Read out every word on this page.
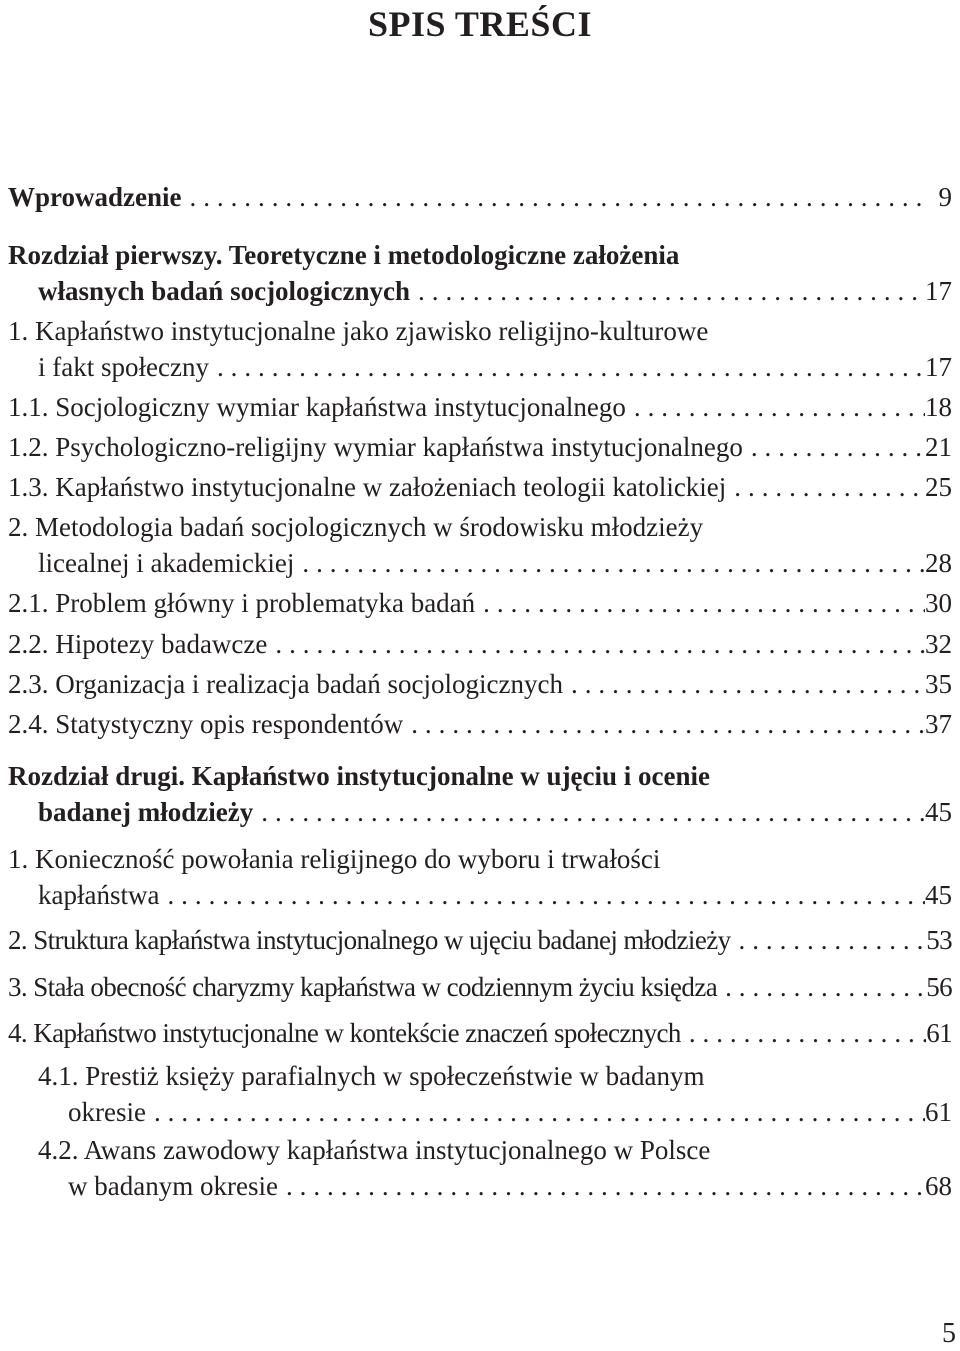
SPIS TREŚCI
Wprowadzenie . . .	9
Rozdział pierwszy. Teoretyczne i metodologiczne założenia
własnych badań socjologicznych . . .	17
1. Kapłaństwo instytucjonalne jako zjawisko religijno-kulturowe
i fakt społeczny . . .	17
1.1. Socjologiczny wymiar kapłaństwa instytucjonalnego . . .	18
1.2. Psychologiczno-religijny wymiar kapłaństwa instytucjonalnego . . .	21
1.3. Kapłaństwo instytucjonalne w założeniach teologii katolickiej . . .	25
2. Metodologia badań socjologicznych w środowisku młodzieży
licealnej i akademickiej . . .	28
2.1. Problem główny i problematyka badań . . .	30
2.2. Hipotezy badawcze . . .	32
2.3. Organizacja i realizacja badań socjologicznych . . .	35
2.4. Statystyczny opis respondentów . . .	37
Rozdział drugi. Kapłaństwo instytucjonalne w ujęciu i ocenie
badanej młodzieży . . .	45
1. Konieczność powołania religijnego do wyboru i trwałości
kapłaństwa . . .	45
2. Struktura kapłaństwa instytucjonalnego w ujęciu badanej młodzieży . . .	53
3. Stała obecność charyzmy kapłaństwa w codziennym życiu księdza . . .	56
4. Kapłaństwo instytucjonalne w kontekście znaczeń społecznych . . .	61
4.1. Prestiż księży parafialnych w społeczeństwie w badanym
okresie . . .	61
4.2. Awans zawodowy kapłaństwa instytucjonalnego w Polsce
w badanym okresie . . .	68
5
